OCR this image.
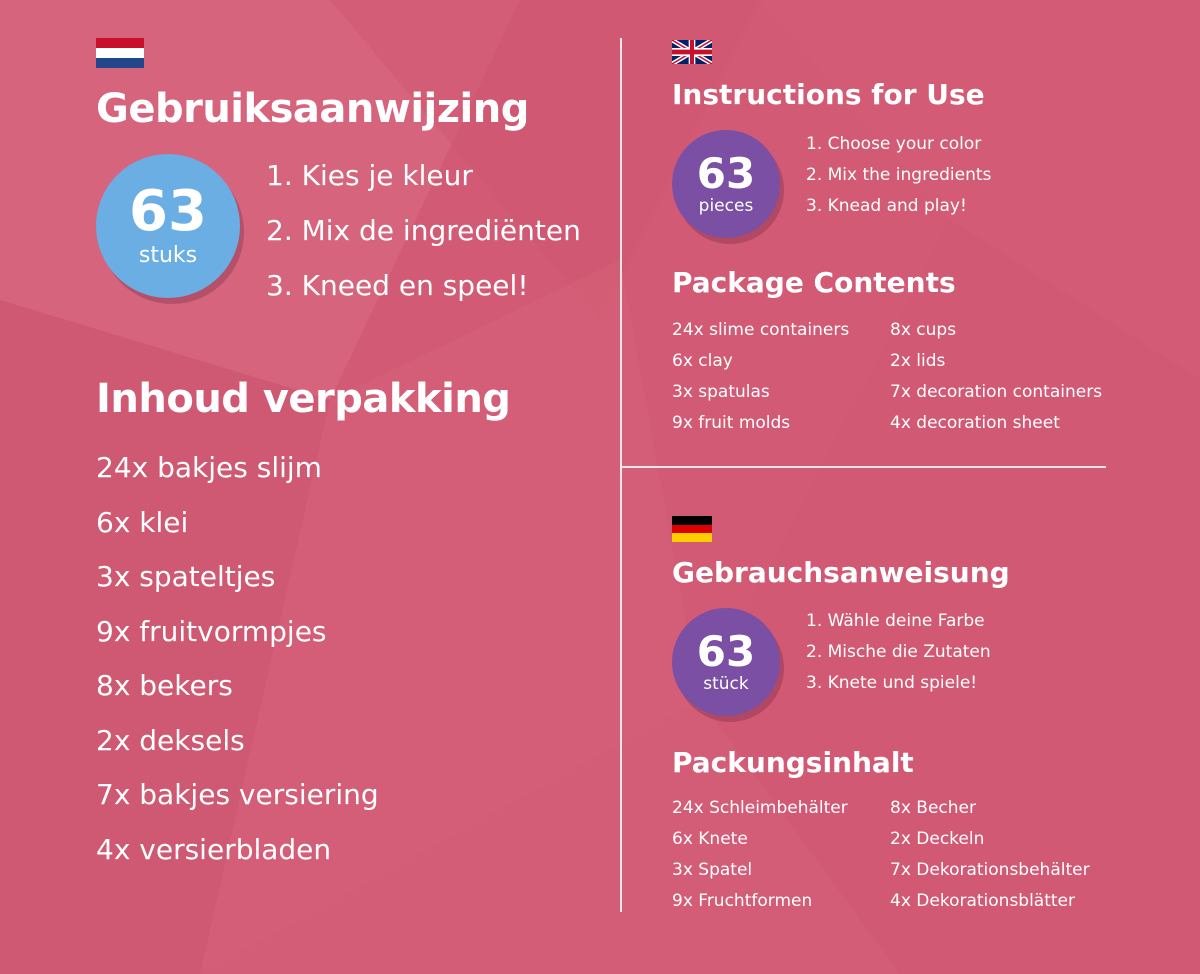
Gebruiksaanwijzing
63
stuks
1. Kies je kleur
2. Mix de ingrediënten
3. Kneed en speel!
Inhoud verpakking
24x bakjes slijm
6x klei
3x spateltjes
9x fruitvormpjes
8x bekers
2x deksels
7x bakjes versiering
4x versierbladen
Instructions for Use
63
pieces
1. Choose your color
2. Mix the ingredients
3. Knead and play!
Package Contents
24x slime containers
6x clay
3x spatulas
9x fruit molds
8x cups
2x lids
7x decoration containers
4x decoration sheet
Gebrauchsanweisung
63
stück
1. Wähle deine Farbe
2. Mische die Zutaten
3. Knete und spiele!
Packungsinhalt
24x Schleimbehälter
6x Knete
3x Spatel
9x Fruchtformen
8x Becher
2x Deckeln
7x Dekorationsbehälter
4x Dekorationsblätter
